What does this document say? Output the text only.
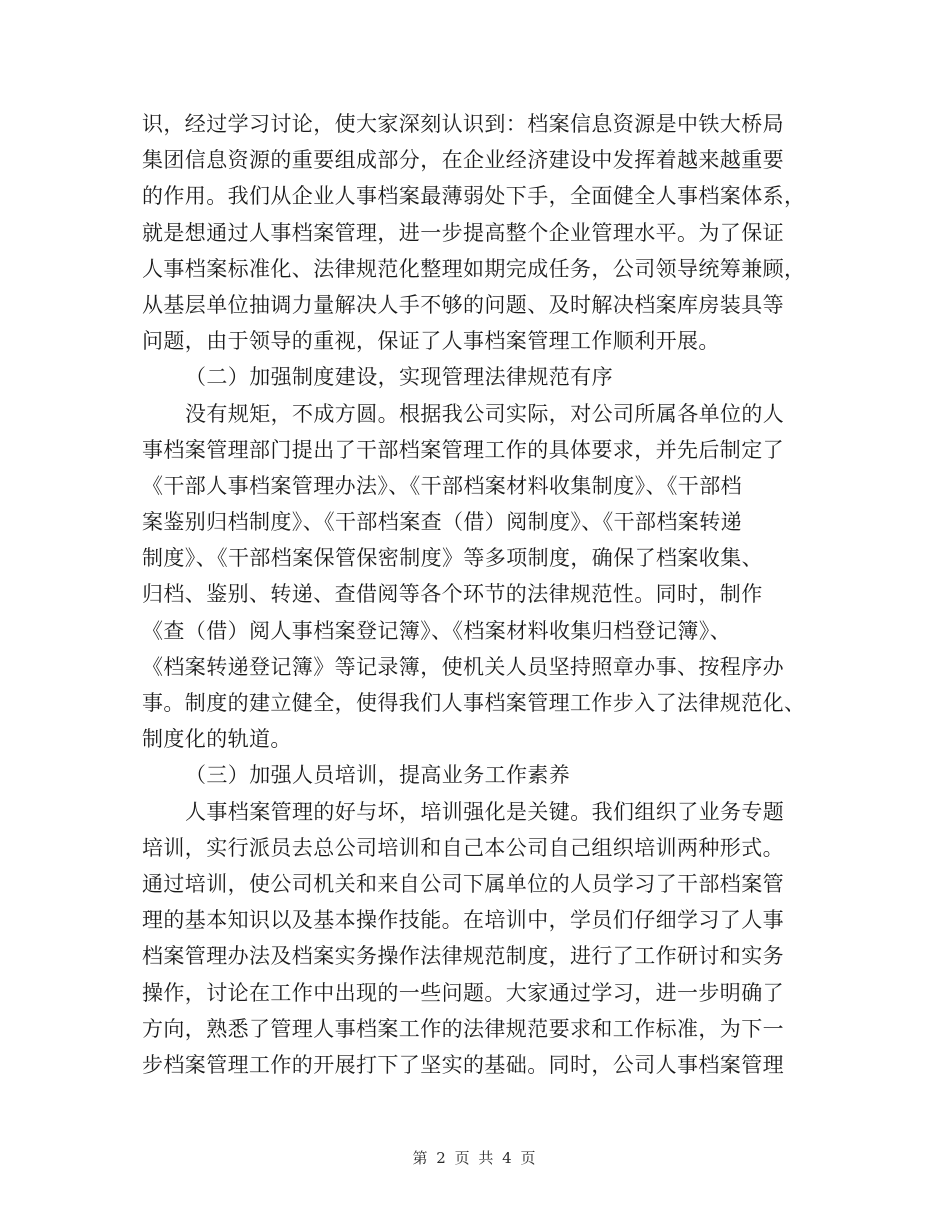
识，经过学习讨论，使大家深刻认识到：档案信息资源是中铁大桥局
集团信息资源的重要组成部分，在企业经济建设中发挥着越来越重要
的作用。我们从企业人事档案最薄弱处下手，全面健全人事档案体系，
就是想通过人事档案管理，进一步提高整个企业管理水平。为了保证
人事档案标准化、法律规范化整理如期完成任务，公司领导统筹兼顾，
从基层单位抽调力量解决人手不够的问题、及时解决档案库房装具等
问题，由于领导的重视，保证了人事档案管理工作顺利开展。
（二）加强制度建设，实现管理法律规范有序
没有规矩，不成方圆。根据我公司实际，对公司所属各单位的人
事档案管理部门提出了干部档案管理工作的具体要求，并先后制定了
《干部人事档案管理办法》、《干部档案材料收集制度》、《干部档
案鉴别归档制度》、《干部档案查（借）阅制度》、《干部档案转递
制度》、《干部档案保管保密制度》等多项制度，确保了档案收集、
归档、鉴别、转递、查借阅等各个环节的法律规范性。同时，制作
《查（借）阅人事档案登记簿》、《档案材料收集归档登记簿》、
《档案转递登记簿》等记录簿，使机关人员坚持照章办事、按程序办
事。制度的建立健全，使得我们人事档案管理工作步入了法律规范化、
制度化的轨道。
（三）加强人员培训，提高业务工作素养
人事档案管理的好与坏，培训强化是关键。我们组织了业务专题
培训，实行派员去总公司培训和自己本公司自己组织培训两种形式。
通过培训，使公司机关和来自公司下属单位的人员学习了干部档案管
理的基本知识以及基本操作技能。在培训中，学员们仔细学习了人事
档案管理办法及档案实务操作法律规范制度，进行了工作研讨和实务
操作，讨论在工作中出现的一些问题。大家通过学习，进一步明确了
方向，熟悉了管理人事档案工作的法律规范要求和工作标准，为下一
步档案管理工作的开展打下了坚实的基础。同时，公司人事档案管理
第 2 页 共 4 页
